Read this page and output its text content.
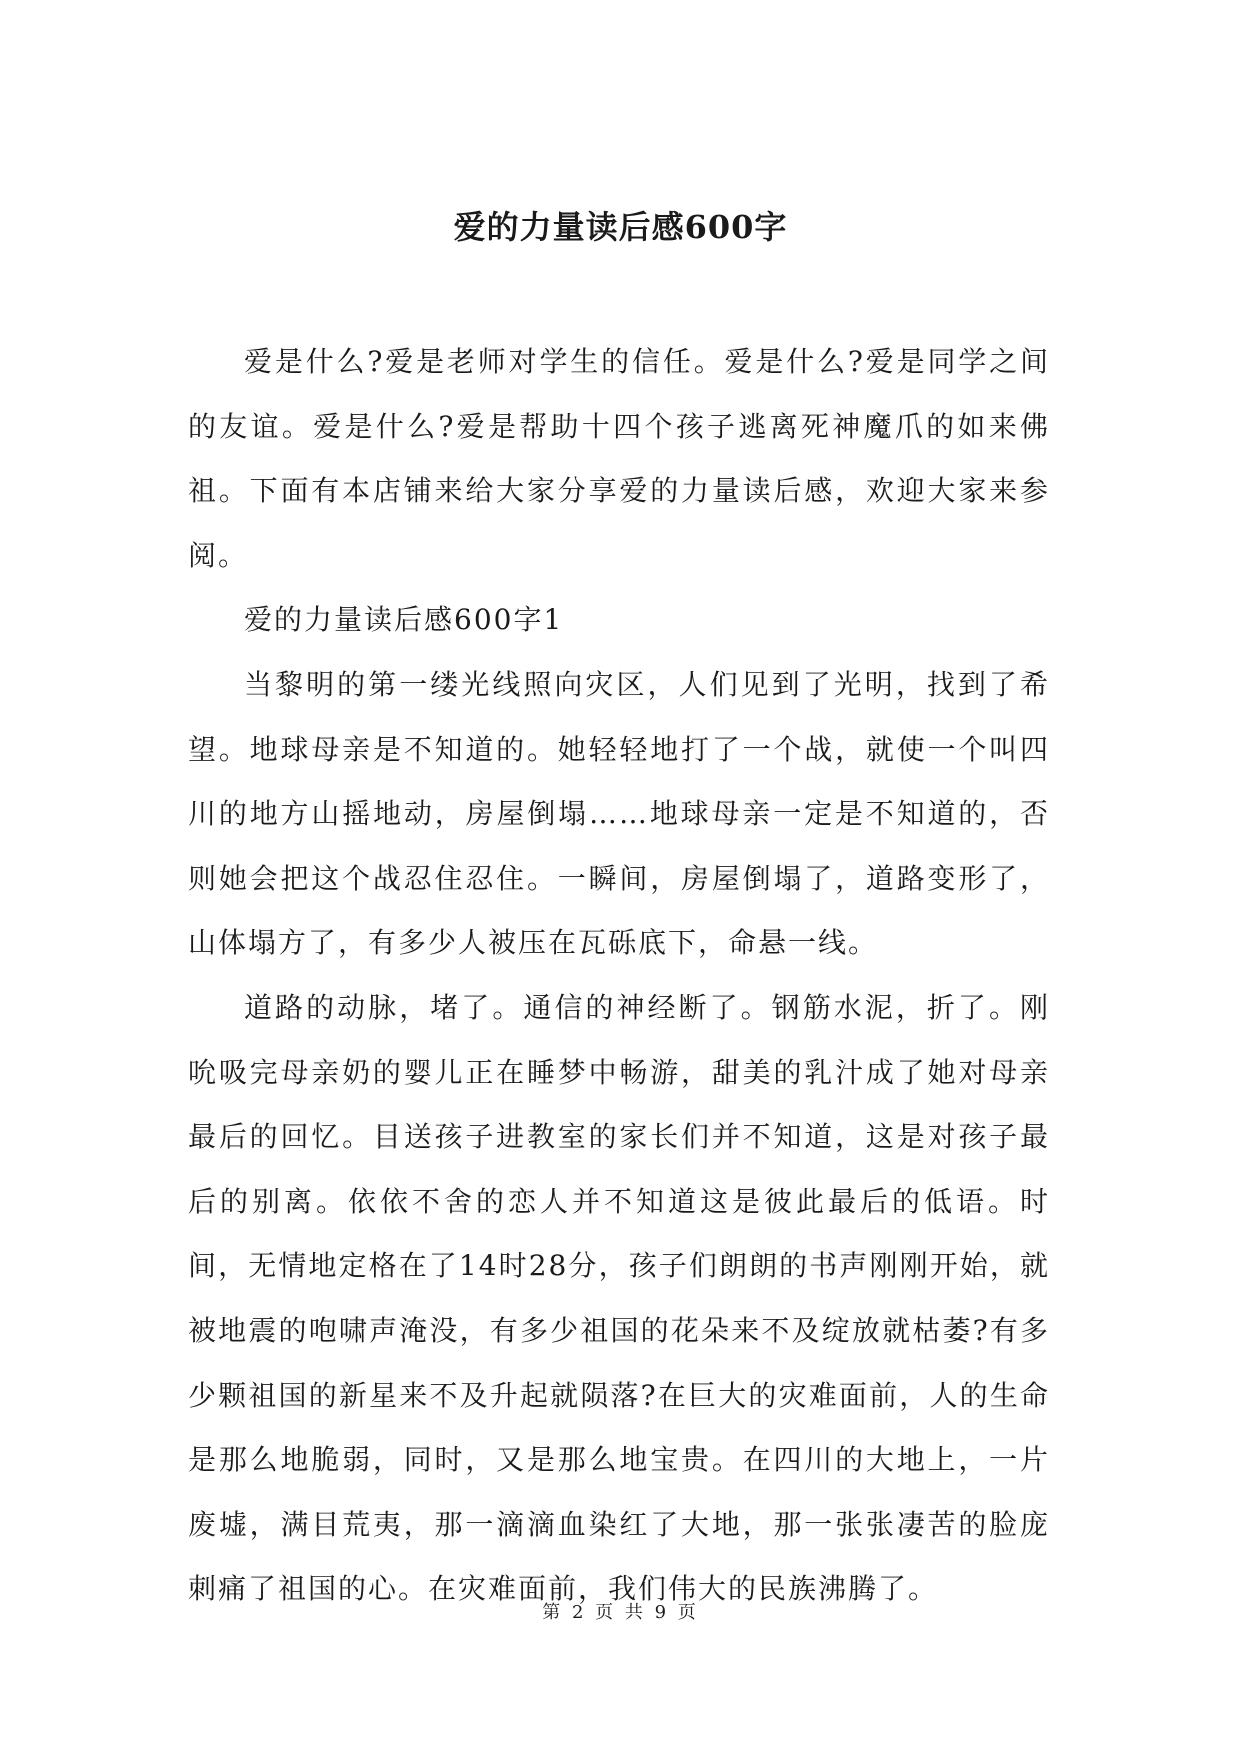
爱的力量读后感600字

爱是什么?爱是老师对学生的信任。爱是什么?爱是同学之间的友谊。爱是什么?爱是帮助十四个孩子逃离死神魔爪的如来佛祖。下面有本店铺来给大家分享爱的力量读后感，欢迎大家来参阅。

爱的力量读后感600字1

当黎明的第一缕光线照向灾区，人们见到了光明，找到了希望。地球母亲是不知道的。她轻轻地打了一个战，就使一个叫四川的地方山摇地动，房屋倒塌……地球母亲一定是不知道的，否则她会把这个战忍住忍住。一瞬间，房屋倒塌了，道路变形了，山体塌方了，有多少人被压在瓦砾底下，命悬一线。

道路的动脉，堵了。通信的神经断了。钢筋水泥，折了。刚吮吸完母亲奶的婴儿正在睡梦中畅游，甜美的乳汁成了她对母亲最后的回忆。目送孩子进教室的家长们并不知道，这是对孩子最后的别离。依依不舍的恋人并不知道这是彼此最后的低语。时间，无情地定格在了14时28分，孩子们朗朗的书声刚刚开始，就被地震的咆啸声淹没，有多少祖国的花朵来不及绽放就枯萎?有多少颗祖国的新星来不及升起就陨落?在巨大的灾难面前，人的生命是那么地脆弱，同时，又是那么地宝贵。在四川的大地上，一片废墟，满目荒夷，那一滴滴血染红了大地，那一张张凄苦的脸庞刺痛了祖国的心。在灾难面前，我们伟大的民族沸腾了。

第 2 页 共 9 页
